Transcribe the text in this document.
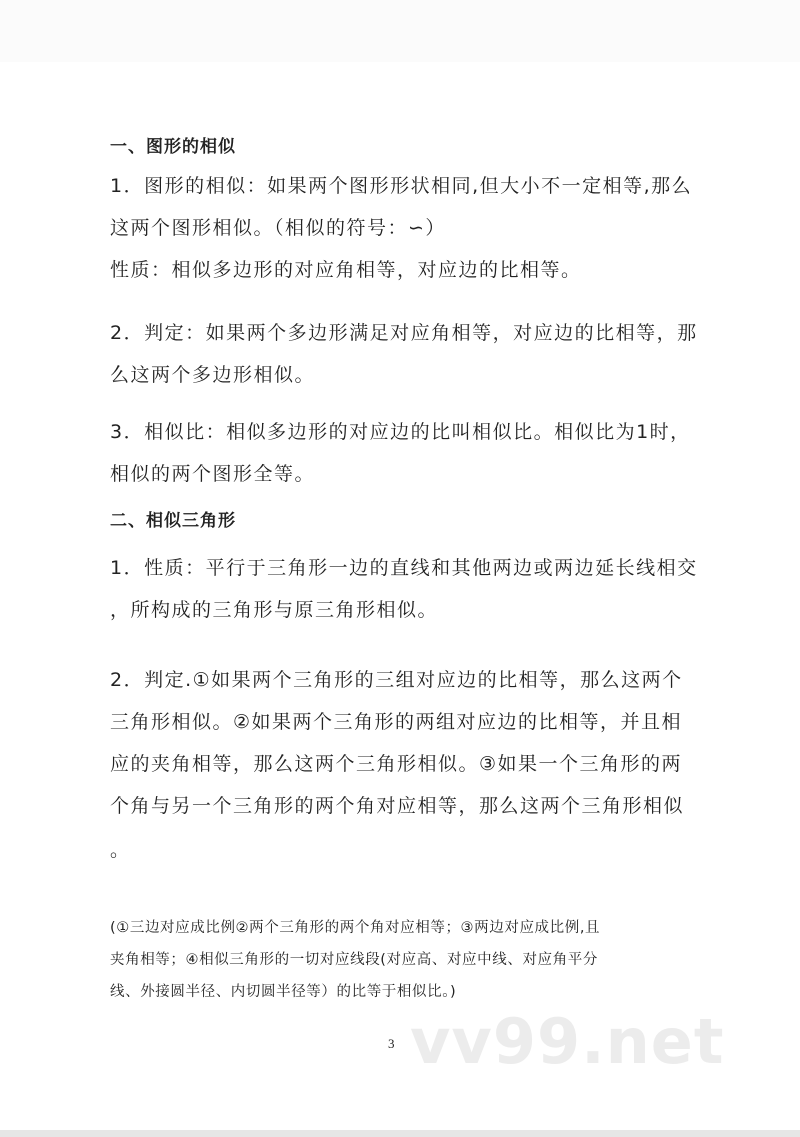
一、图形的相似
1．图形的相似：如果两个图形形状相同,但大小不一定相等,那么
这两个图形相似。（相似的符号：∽）
性质：相似多边形的对应角相等，对应边的比相等。
2．判定：如果两个多边形满足对应角相等，对应边的比相等，那
么这两个多边形相似。
3．相似比：相似多边形的对应边的比叫相似比。相似比为1时，
相似的两个图形全等。
二、相似三角形
1．性质：平行于三角形一边的直线和其他两边或两边延长线相交
，所构成的三角形与原三角形相似。
2．判定.①如果两个三角形的三组对应边的比相等，那么这两个
三角形相似。②如果两个三角形的两组对应边的比相等，并且相
应的夹角相等，那么这两个三角形相似。③如果一个三角形的两
个角与另一个三角形的两个角对应相等，那么这两个三角形相似
。
(①三边对应成比例②两个三角形的两个角对应相等；③两边对应成比例,且
夹角相等；④相似三角形的一切对应线段(对应高、对应中线、对应角平分
线、外接圆半径、内切圆半径等）的比等于相似比。)
vv99.net
3
